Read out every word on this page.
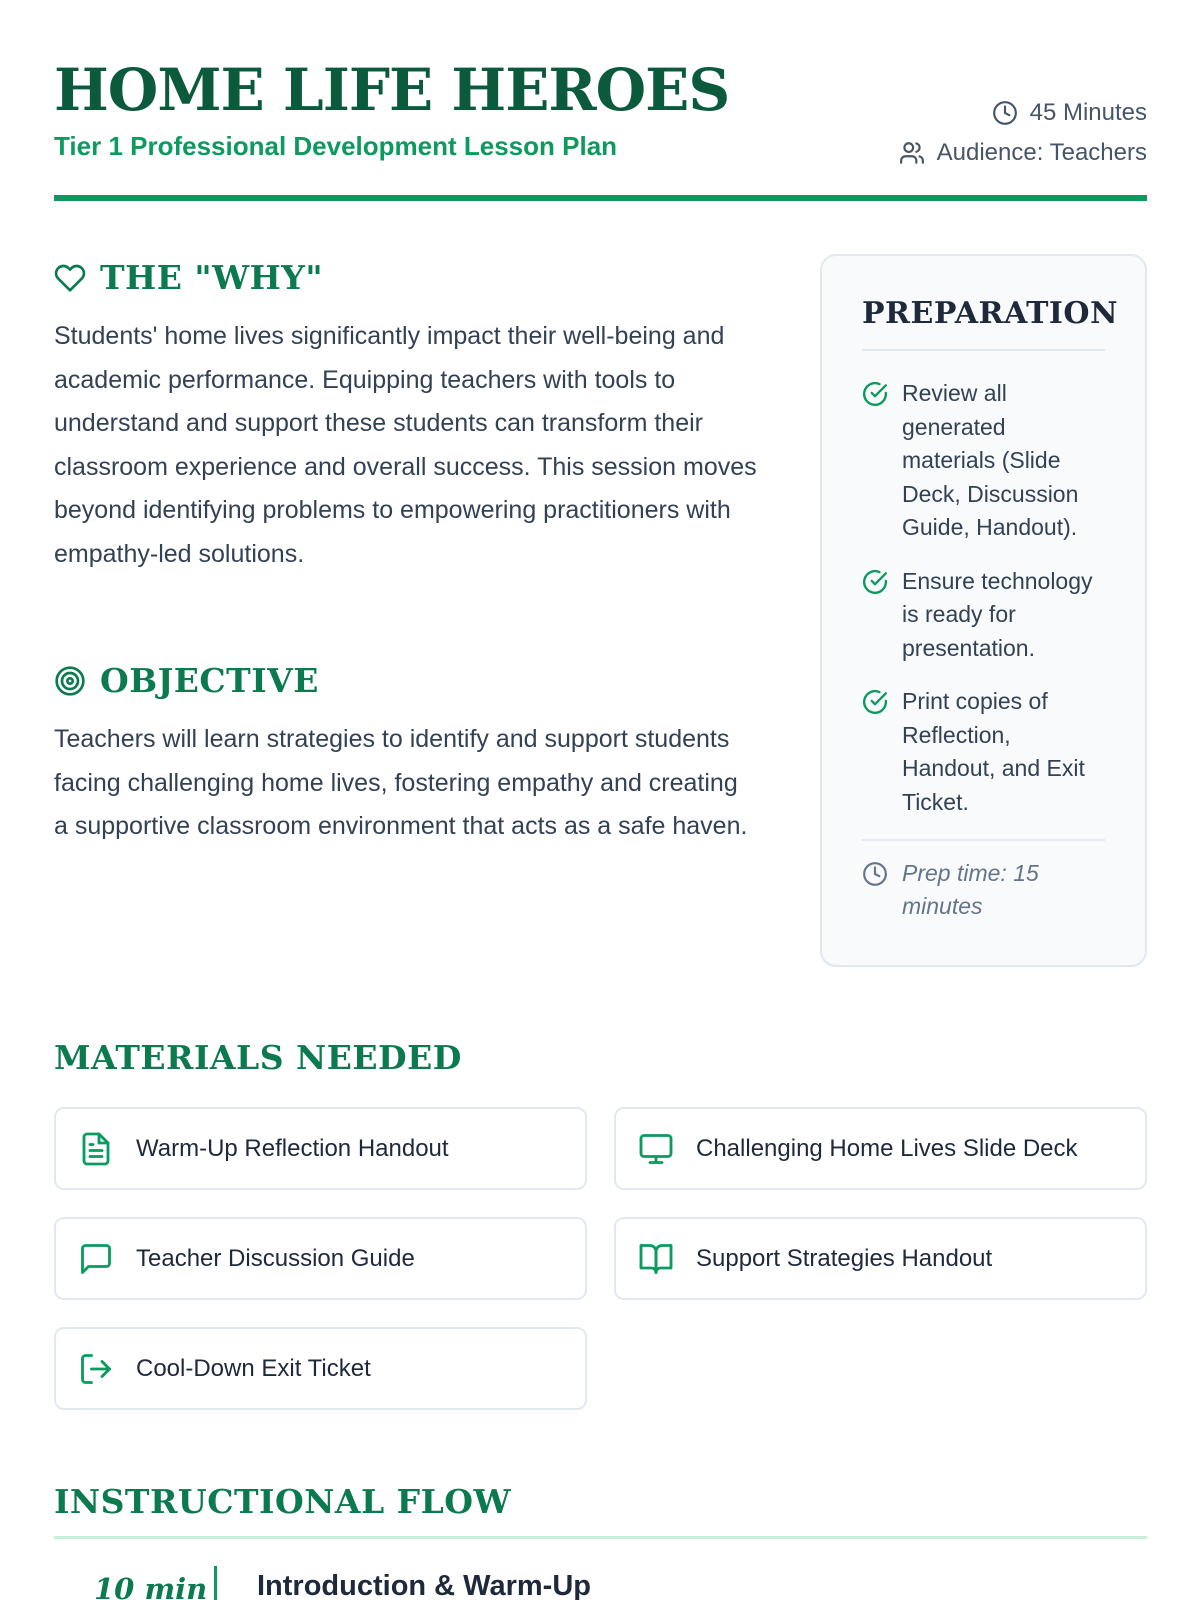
HOME LIFE HEROES
Tier 1 Professional Development Lesson Plan
45 Minutes
Audience: Teachers
THE "WHY"

Students' home lives significantly impact their well-being and academic performance. Equipping teachers with tools to understand and support these students can transform their classroom experience and overall success. This session moves beyond identifying problems to empowering practitioners with empathy-led solutions.

OBJECTIVE

Teachers will learn strategies to identify and support students facing challenging home lives, fostering empathy and creating a supportive classroom environment that acts as a safe haven.

PREPARATION
Review all generated materials (Slide Deck, Discussion Guide, Handout).
Ensure technology is ready for presentation.
Print copies of Reflection, Handout, and Exit Ticket.
Prep time: 15 minutes
MATERIALS NEEDED
Warm-Up Reflection Handout	Challenging Home Lives Slide Deck
Teacher Discussion Guide	Support Strategies Handout
Cool-Down Exit Ticket
INSTRUCTIONAL FLOW
10 min Introduction & Warm-Up
